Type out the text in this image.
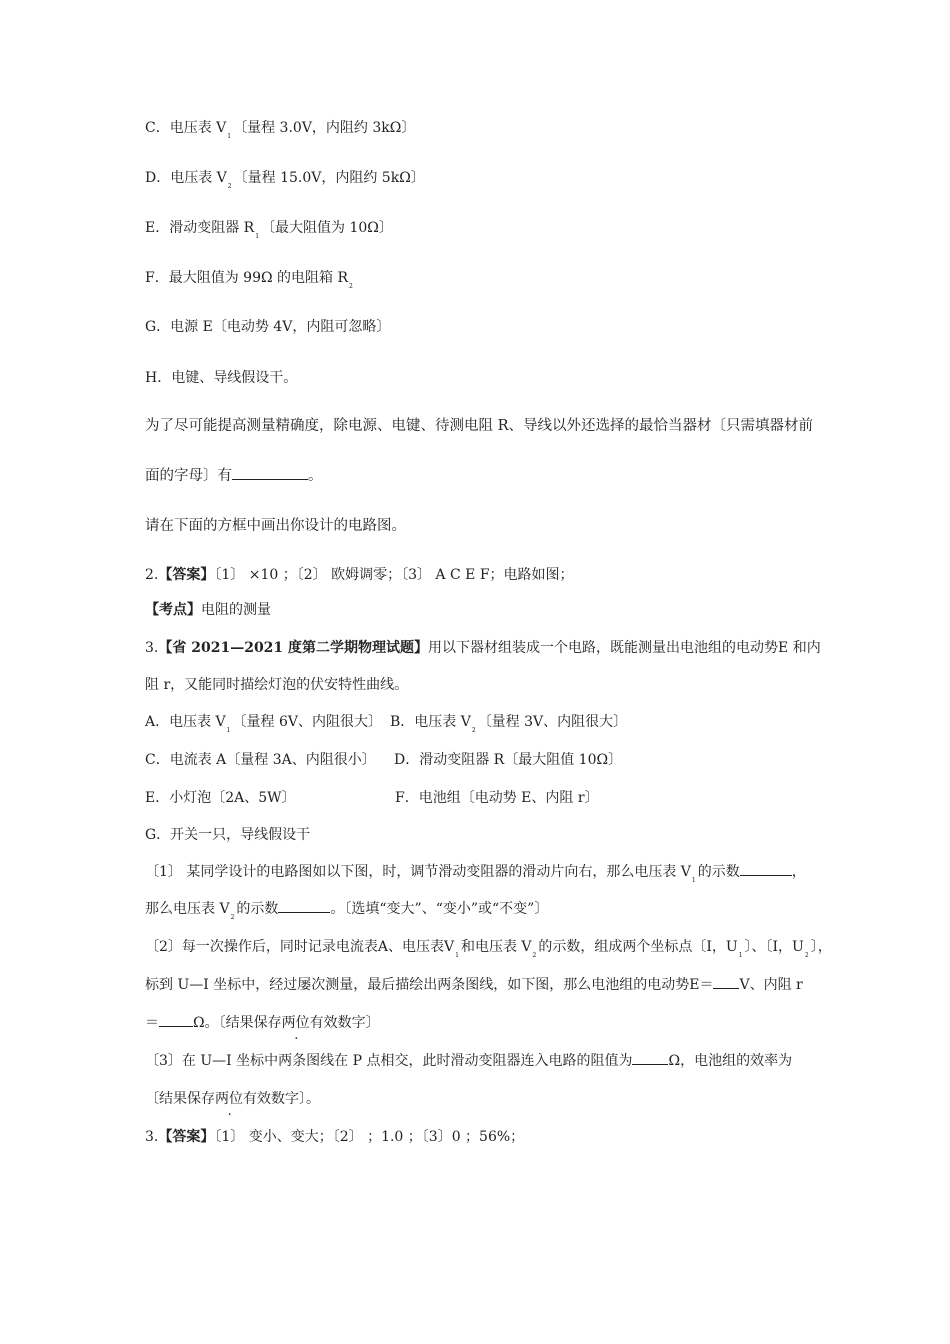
C．电压表 $V_1$〔量程 3.0V，内阻约 3kΩ〕
D．电压表 $V_2$〔量程 15.0V，内阻约 5kΩ〕
E．滑动变阻器 $R_1$〔最大阻值为 10Ω〕
F．最大阻值为 99Ω 的电阻箱 $R_2$
G．电源 E〔电动势 4V，内阻可忽略〕
H．电键、导线假设干。
为了尽可能提高测量精确度，除电源、电键、待测电阻 R、导线以外还选择的最恰当器材〔只需填器材前
面的字母〕有	。
请在下面的方框中画出你设计的电路图。
2.【答案】〔1〕 ×10 ；〔2〕 欧姆调零；〔3〕 A C E F；电路如图；
【考点】电阻的测量
3.【省 2021—2021 度第二学期物理试题】用以下器材组装成一个电路，既能测量出电池组的电动势E 和内
阻 r，又能同时描绘灯泡的伏安特性曲线。
A．电压表 $V_1$〔量程 6V、内阻很大〕 B．电压表 $V_2$〔量程 3V、内阻很大〕
C．电流表 A〔量程 3A、内阻很小〕 D．滑动变阻器 R〔最大阻值 10Ω〕
E．小灯泡〔2A、5W〕	F．电池组〔电动势 E、内阻 r〕
G．开关一只，导线假设干
〔1〕 某同学设计的电路图如以下图，时，调节滑动变阻器的滑动片向右，那么电压表 $V_1$的示数	，
那么电压表 $V_2$的示数	。〔选填“变大”、“变小”或“不变”〕
〔2〕每一次操作后，同时记录电流表A、电压表$V_1$和电压表 $V_2$的示数，组成两个坐标点〔I，$U_1$〕、〔I，$U_2$〕，
标到 U—I 坐标中，经过屡次测量，最后描绘出两条图线，如下图，那么电池组的电动势E＝ V、内阻 r
＝ Ω。〔结果保存两位有效数字〕
〔3〕在 U—I 坐标中两条图线在 P 点相交，此时滑动变阻器连入电路的阻值为	Ω，电池组的效率为
〔结果保存两位有效数字〕。
3.【答案】〔1〕 变小、变大；〔2〕 ；1.0 ；〔3〕0 ；56%；
